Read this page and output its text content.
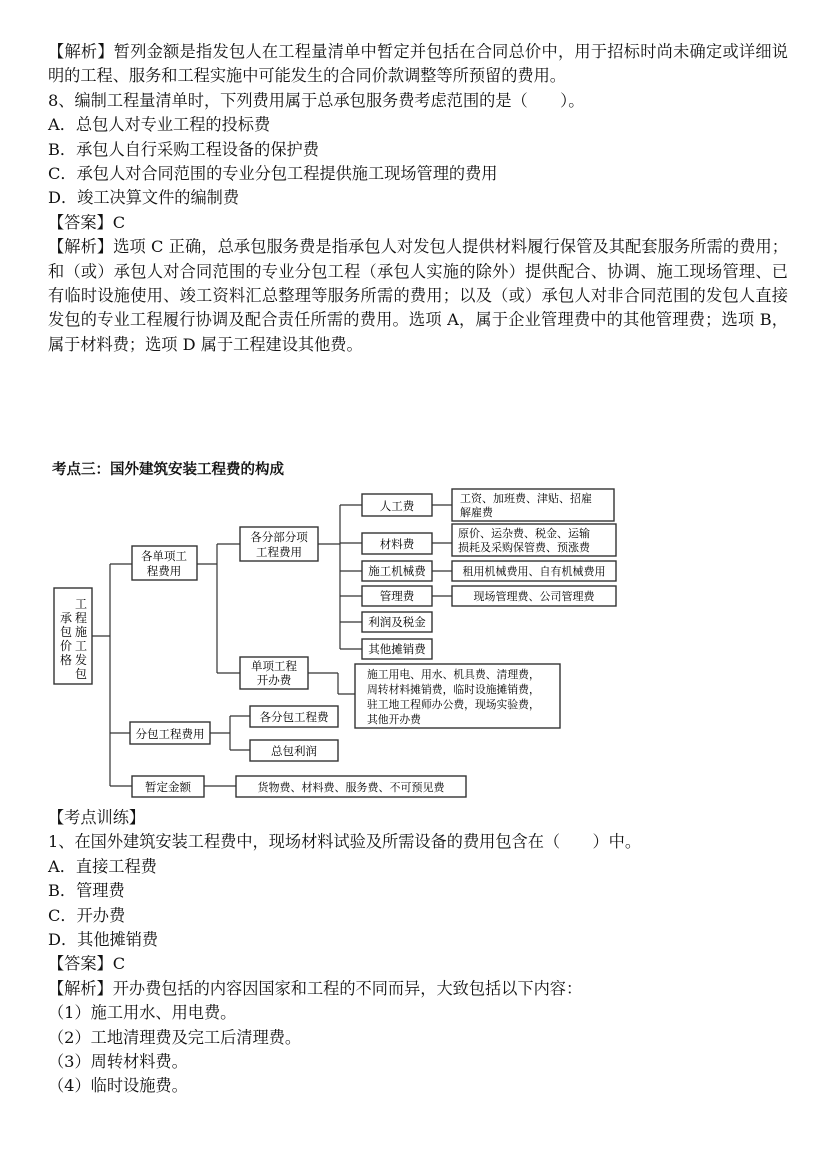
【解析】暂列金额是指发包人在工程量清单中暂定并包括在合同总价中，用于招标时尚未确定或详细说明的工程、服务和工程实施中可能发生的合同价款调整等所预留的费用。
8、编制工程量清单时，下列费用属于总承包服务费考虑范围的是（　　）。
A．总包人对专业工程的投标费
B．承包人自行采购工程设备的保护费
C．承包人对合同范围的专业分包工程提供施工现场管理的费用
D．竣工决算文件的编制费
【答案】C
【解析】选项 C 正确，总承包服务费是指承包人对发包人提供材料履行保管及其配套服务所需的费用；和（或）承包人对合同范围的专业分包工程（承包人实施的除外）提供配合、协调、施工现场管理、已有临时设施使用、竣工资料汇总整理等服务所需的费用；以及（或）承包人对非合同范围的发包人直接发包的专业工程履行协调及配合责任所需的费用。选项 A，属于企业管理费中的其他管理费；选项 B，属于材料费；选项 D 属于工程建设其他费。
考点三：国外建筑安装工程费的构成
工
程
承
施
包
工
价
发
格
包
各单项工
程费用
分包工程费用
暂定金额
各分部分项
工程费用
单项工程
开办费
各分包工程费
总包利润
货物费、材料费、服务费、不可预见费
人工费
材料费
施工机械费
管理费
利润及税金
其他摊销费
工资、加班费、津贴、招雇
解雇费
原价、运杂费、税金、运输
损耗及采购保管费、预涨费
租用机械费用、自有机械费用
现场管理费、公司管理费
施工用电、用水、机具费、清理费，
周转材料摊销费，临时设施摊销费，
驻工地工程师办公费，现场实验费，
其他开办费
【考点训练】
1、在国外建筑安装工程费中，现场材料试验及所需设备的费用包含在（　　）中。
A．直接工程费
B．管理费
C．开办费
D．其他摊销费
【答案】C
【解析】开办费包括的内容因国家和工程的不同而异，大致包括以下内容：
（1）施工用水、用电费。
（2）工地清理费及完工后清理费。
（3）周转材料费。
（4）临时设施费。
